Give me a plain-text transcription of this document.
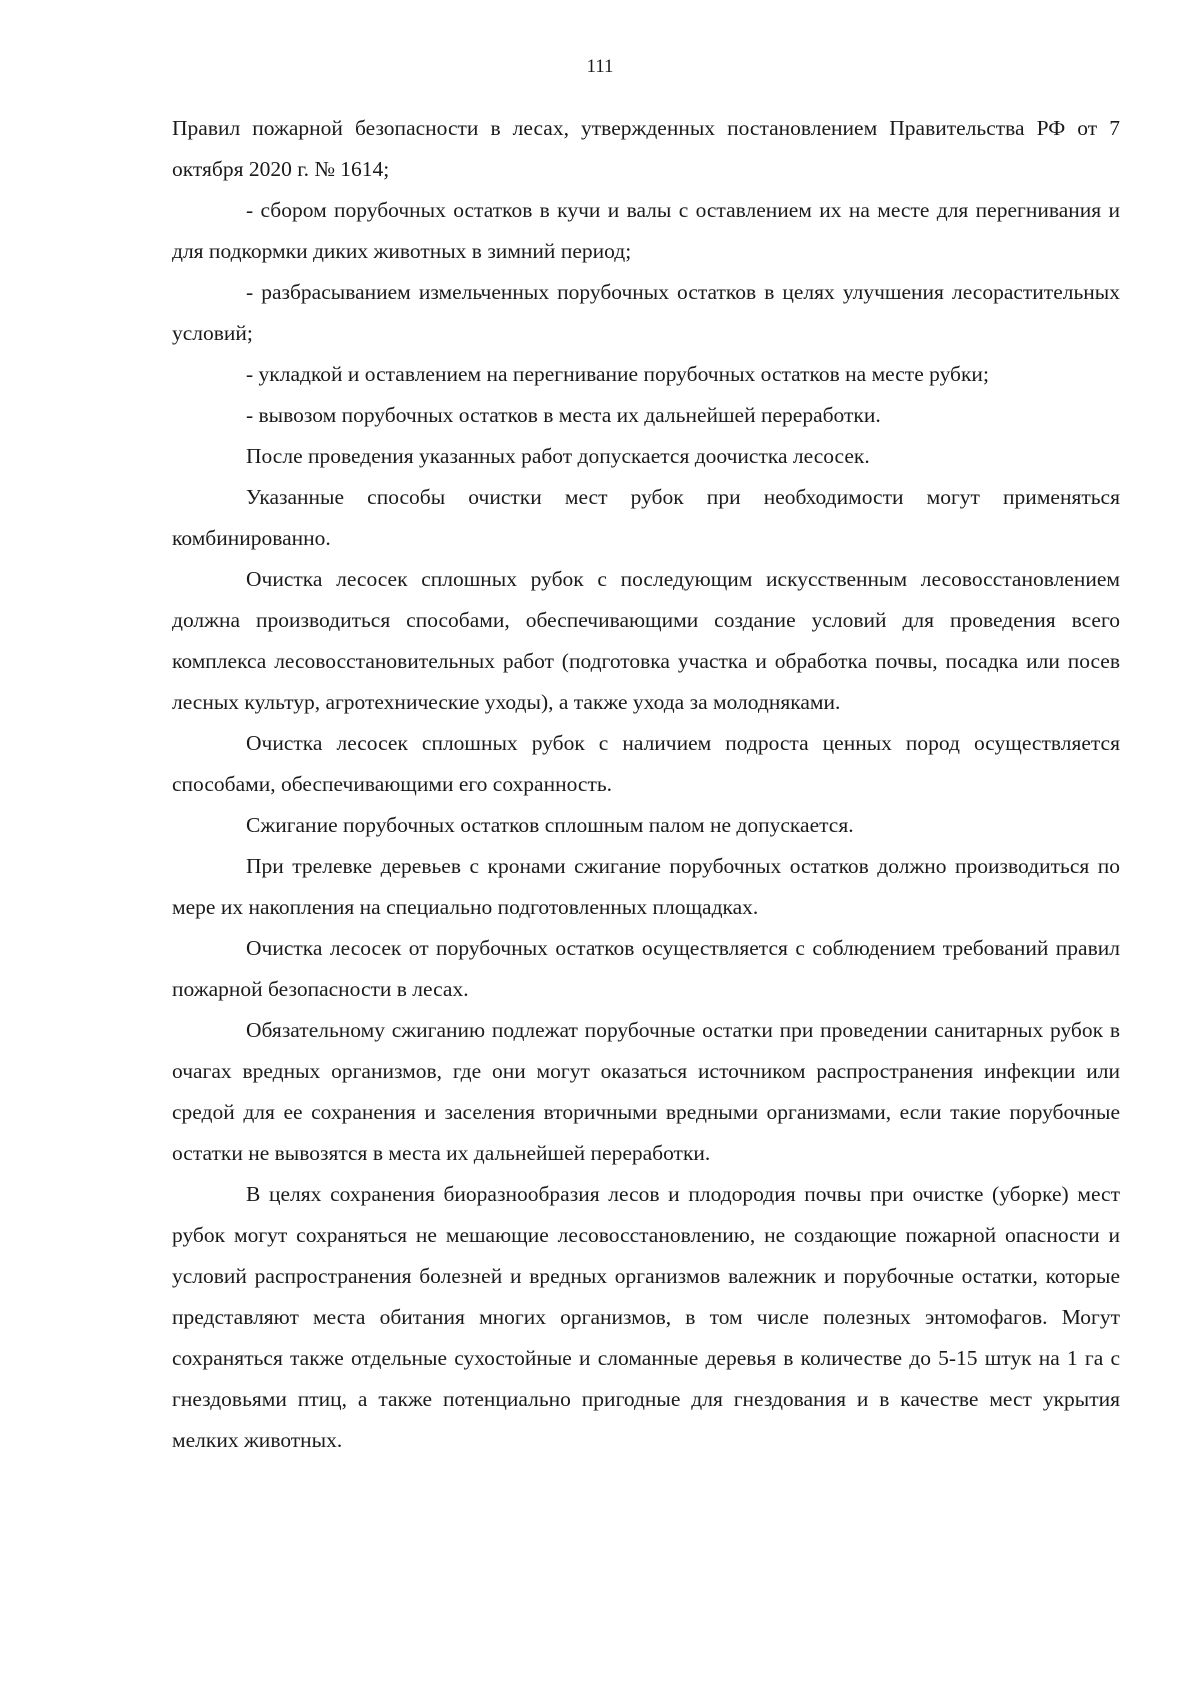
111

Правил пожарной безопасности в лесах, утвержденных постановлением Правительства РФ от 7 октября 2020 г. № 1614;

- сбором порубочных остатков в кучи и валы с оставлением их на месте для перегнивания и для подкормки диких животных в зимний период;

- разбрасыванием измельченных порубочных остатков в целях улучшения лесорастительных условий;

- укладкой и оставлением на перегнивание порубочных остатков на месте рубки;

- вывозом порубочных остатков в места их дальнейшей переработки.

После проведения указанных работ допускается доочистка лесосек.

Указанные способы очистки мест рубок при необходимости могут применяться комбинированно.

Очистка лесосек сплошных рубок с последующим искусственным лесовосстановлением должна производиться способами, обеспечивающими создание условий для проведения всего комплекса лесовосстановительных работ (подготовка участка и обработка почвы, посадка или посев лесных культур, агротехнические уходы), а также ухода за молодняками.

Очистка лесосек сплошных рубок с наличием подроста ценных пород осуществляется способами, обеспечивающими его сохранность.

Сжигание порубочных остатков сплошным палом не допускается.

При трелевке деревьев с кронами сжигание порубочных остатков должно производиться по мере их накопления на специально подготовленных площадках.

Очистка лесосек от порубочных остатков осуществляется с соблюдением требований правил пожарной безопасности в лесах.

Обязательному сжиганию подлежат порубочные остатки при проведении санитарных рубок в очагах вредных организмов, где они могут оказаться источником распространения инфекции или средой для ее сохранения и заселения вторичными вредными организмами, если такие порубочные остатки не вывозятся в места их дальнейшей переработки.

В целях сохранения биоразнообразия лесов и плодородия почвы при очистке (уборке) мест рубок могут сохраняться не мешающие лесовосстановлению, не создающие пожарной опасности и условий распространения болезней и вредных организмов валежник и порубочные остатки, которые представляют места обитания многих организмов, в том числе полезных энтомофагов. Могут сохраняться также отдельные сухостойные и сломанные деревья в количестве до 5-15 штук на 1 га с гнездовьями птиц, а также потенциально пригодные для гнездования и в качестве мест укрытия мелких животных.
